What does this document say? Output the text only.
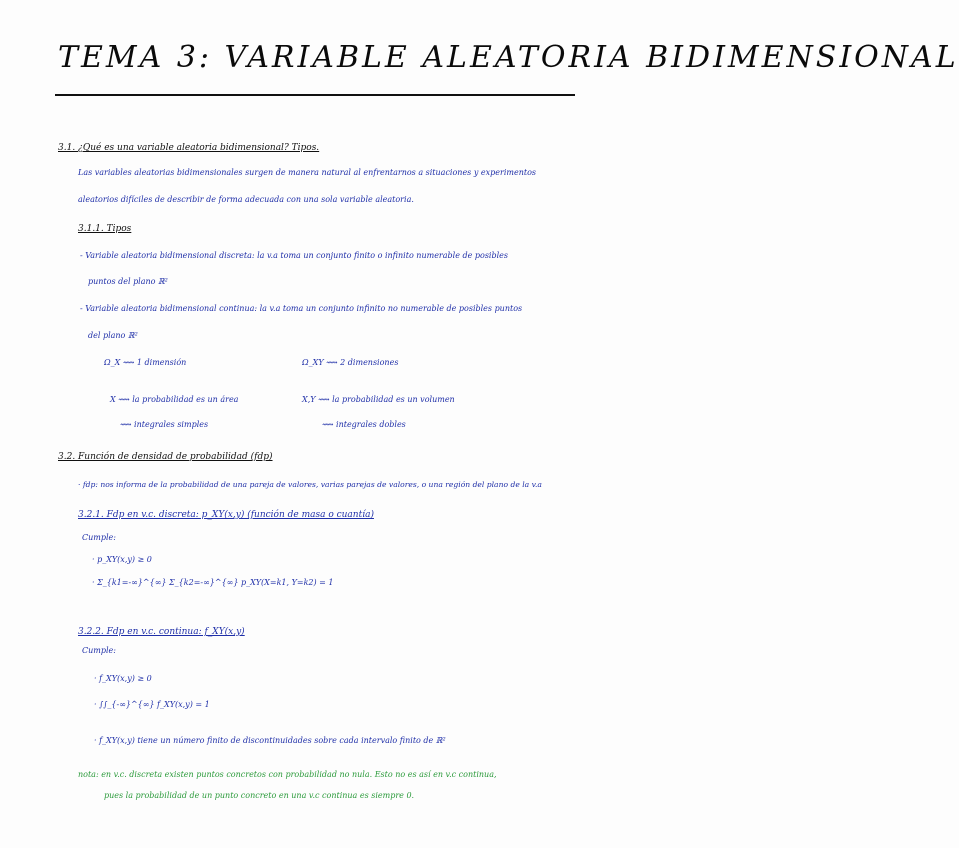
TEMA 3: VARIABLE ALEATORIA BIDIMENSIONAL
3.1. ¿Qué es una variable aleatoria bidimensional? Tipos.
Las variables aleatorias bidimensionales surgen de manera natural al enfrentarnos a situaciones y experimentos
aleatorios difíciles de describir de forma adecuada con una sola variable aleatoria.
3.1.1. Tipos
- Variable aleatoria bidimensional discreta: la v.a toma un conjunto finito o infinito numerable de posibles
puntos del plano ℝ²
- Variable aleatoria bidimensional continua: la v.a toma un conjunto infinito no numerable de posibles puntos
del plano ℝ²
Ω_X ⟿ 1 dimensión	Ω_XY ⟿ 2 dimensiones
X ⟿ la probabilidad es un área	X,Y ⟿ la probabilidad es un volumen
⟿ integrales simples	⟿ integrales dobles
3.2. Función de densidad de probabilidad (fdp)
· fdp: nos informa de la probabilidad de una pareja de valores, varias parejas de valores, o una región del plano de la v.a
3.2.1. Fdp en v.c. discreta: p_XY(x,y) (función de masa o cuantía)
Cumple:
· p_XY(x,y) ≥ 0
· Σ_{k1=-∞}^{∞} Σ_{k2=-∞}^{∞} p_XY(X=k1, Y=k2) = 1
3.2.2. Fdp en v.c. continua: f_XY(x,y)
Cumple:
· f_XY(x,y) ≥ 0
· ∫∫_{-∞}^{∞} f_XY(x,y) = 1
· f_XY(x,y) tiene un número finito de discontinuidades sobre cada intervalo finito de ℝ²
nota: en v.c. discreta existen puntos concretos con probabilidad no nula. Esto no es así en v.c continua,
pues la probabilidad de un punto concreto en una v.c continua es siempre 0.
